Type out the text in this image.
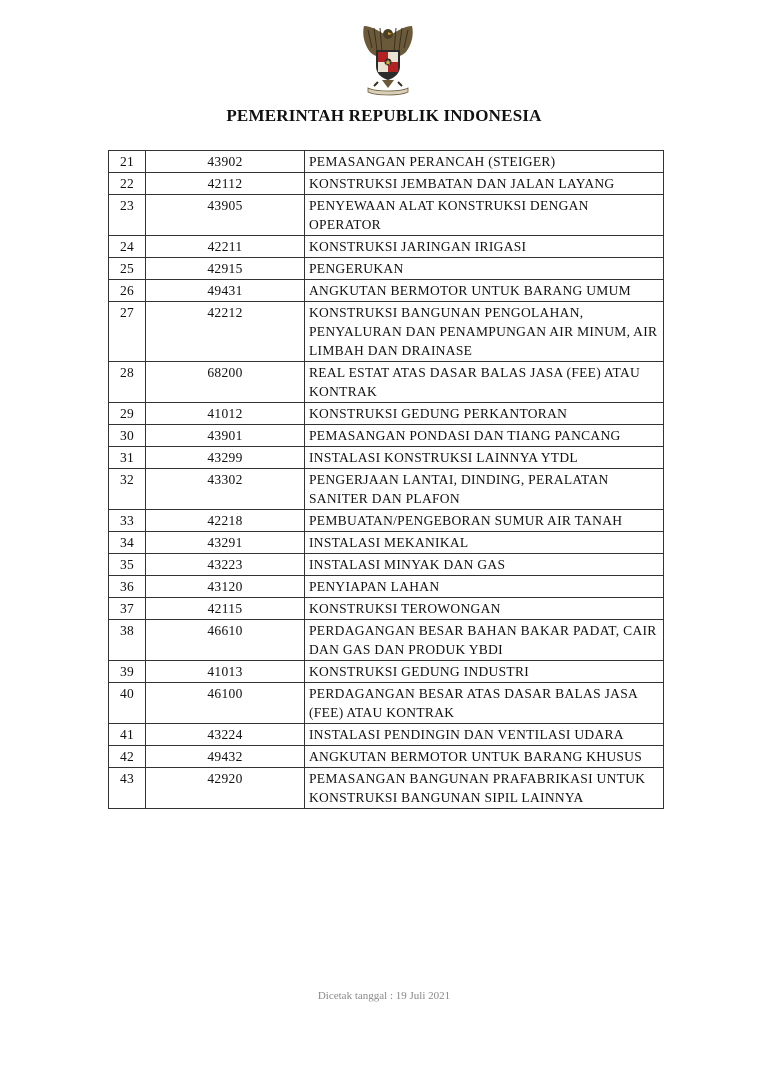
PEMERINTAH REPUBLIK INDONESIA
21	43902	PEMASANGAN PERANCAH (STEIGER)
22	42112	KONSTRUKSI JEMBATAN DAN JALAN LAYANG
23	43905	PENYEWAAN ALAT KONSTRUKSI DENGAN OPERATOR
24	42211	KONSTRUKSI JARINGAN IRIGASI
25	42915	PENGERUKAN
26	49431	ANGKUTAN BERMOTOR UNTUK BARANG UMUM
27	42212	KONSTRUKSI BANGUNAN PENGOLAHAN, PENYALURAN DAN PENAMPUNGAN AIR MINUM, AIR LIMBAH DAN DRAINASE
28	68200	REAL ESTAT ATAS DASAR BALAS JASA (FEE) ATAU KONTRAK
29	41012	KONSTRUKSI GEDUNG PERKANTORAN
30	43901	PEMASANGAN PONDASI DAN TIANG PANCANG
31	43299	INSTALASI KONSTRUKSI LAINNYA YTDL
32	43302	PENGERJAAN LANTAI, DINDING, PERALATAN SANITER DAN PLAFON
33	42218	PEMBUATAN/PENGEBORAN SUMUR AIR TANAH
34	43291	INSTALASI MEKANIKAL
35	43223	INSTALASI MINYAK DAN GAS
36	43120	PENYIAPAN LAHAN
37	42115	KONSTRUKSI TEROWONGAN
38	46610	PERDAGANGAN BESAR BAHAN BAKAR PADAT, CAIR DAN GAS DAN PRODUK YBDI
39	41013	KONSTRUKSI GEDUNG INDUSTRI
40	46100	PERDAGANGAN BESAR ATAS DASAR BALAS JASA (FEE) ATAU KONTRAK
41	43224	INSTALASI PENDINGIN DAN VENTILASI UDARA
42	49432	ANGKUTAN BERMOTOR UNTUK BARANG KHUSUS
43	42920	PEMASANGAN BANGUNAN PRAFABRIKASI UNTUK KONSTRUKSI BANGUNAN SIPIL LAINNYA
Dicetak tanggal : 19 Juli 2021
